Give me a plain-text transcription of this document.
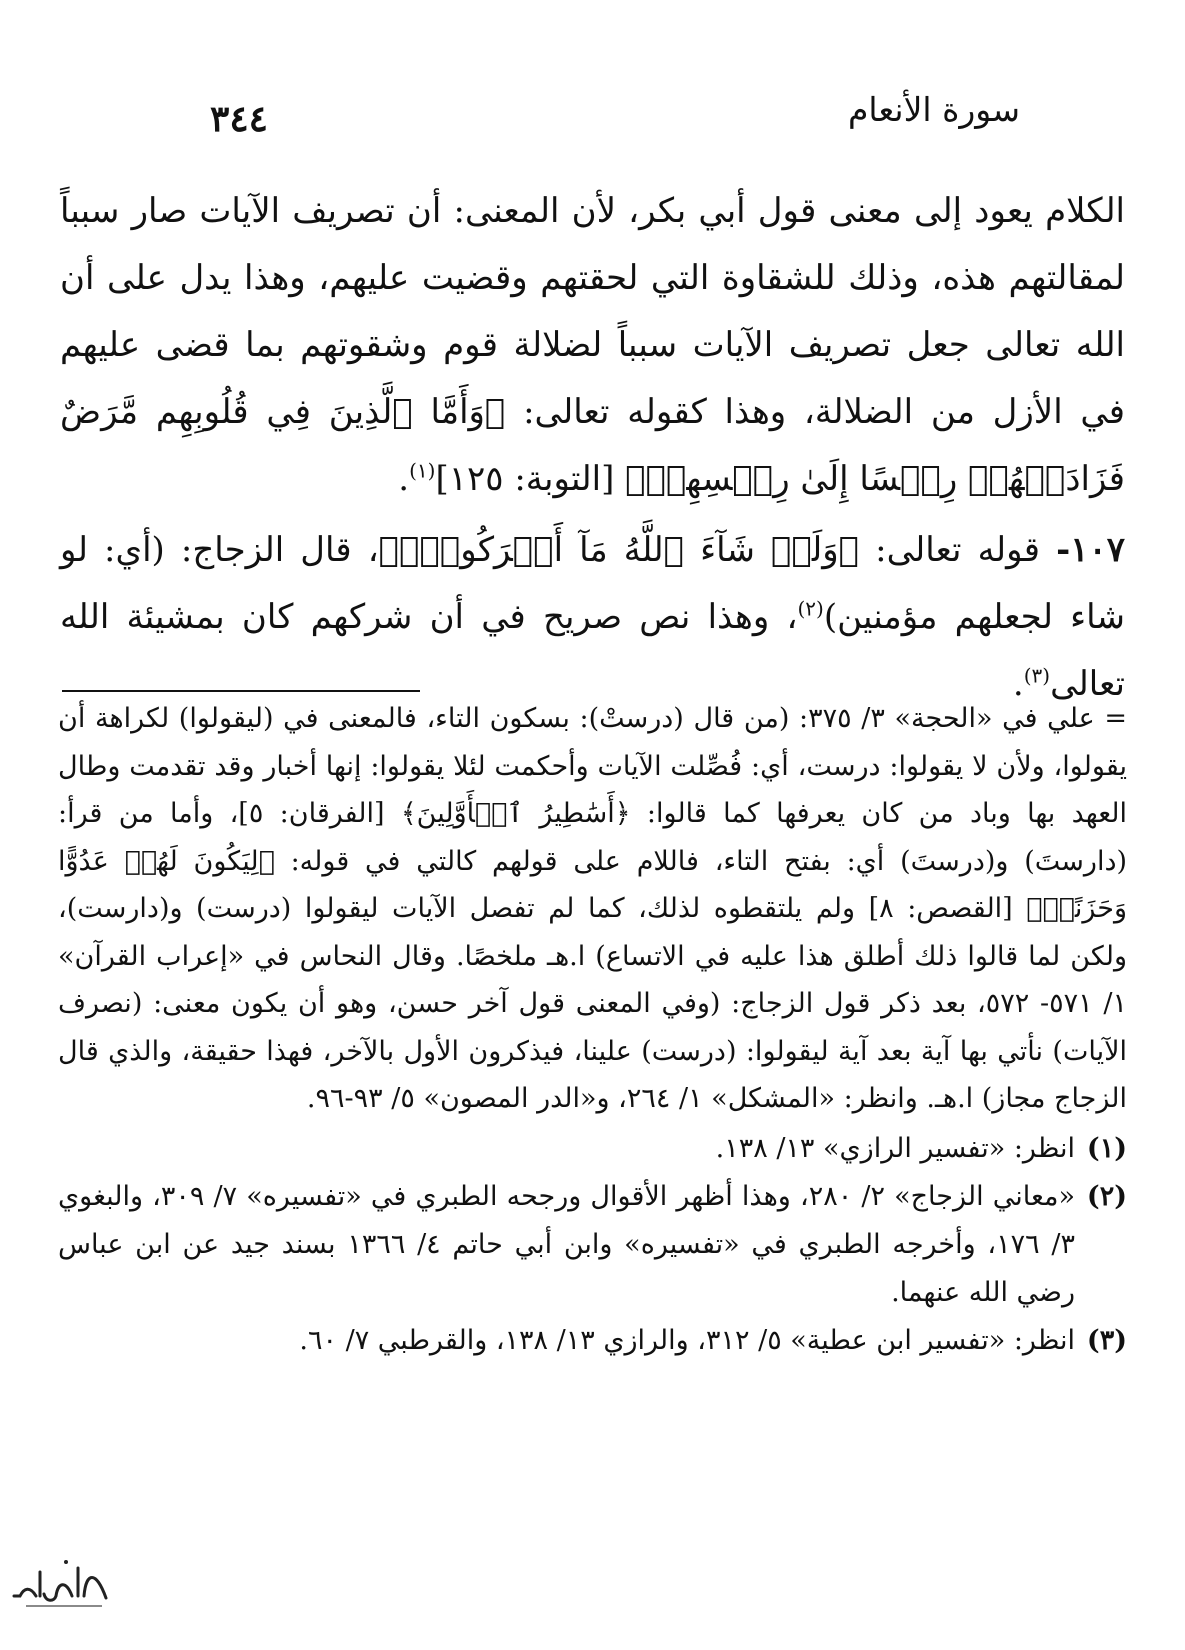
٣٤٤	سورة الأنعام

الكلام يعود إلى معنى قول أبي بكر، لأن المعنى: أن تصريف الآيات صار سبباً لمقالتهم هذه، وذلك للشقاوة التي لحقتهم وقضيت عليهم، وهذا يدل على أن الله تعالى جعل تصريف الآيات سبباً لضلالة قوم وشقوتهم بما قضى عليهم في الأزل من الضلالة، وهذا كقوله تعالى: ﴿وَأَمَّا ٱلَّذِينَ فِي قُلُوبِهِم مَّرَضٌ فَزَادَتۡهُمۡ رِجۡسًا إِلَىٰ رِجۡسِهِمۡ﴾ [التوبة: ١٢٥]$^{(١)}$.

١٠٧- قوله تعالى: ﴿وَلَوۡ شَآءَ ٱللَّهُ مَآ أَشۡرَكُواْۗ﴾، قال الزجاج: (أي: لو شاء لجعلهم مؤمنين)$^{(٢)}$، وهذا نص صريح في أن شركهم كان بمشيئة الله تعالى$^{(٣)}$.

= علي في «الحجة» ٣/ ٣٧٥: (من قال (درستْ): بسكون التاء، فالمعنى في (ليقولوا) لكراهة أن يقولوا، ولأن لا يقولوا: درست، أي: فُصِّلت الآيات وأحكمت لئلا يقولوا: إنها أخبار وقد تقدمت وطال العهد بها وباد من كان يعرفها كما قالوا: ﴿أَسَٰطِيرُ ٱلۡأَوَّلِينَ﴾ [الفرقان: ٥]، وأما من قرأ: (دارستَ) و(درستَ) أي: بفتح التاء، فاللام على قولهم كالتي في قوله: ﴿لِيَكُونَ لَهُمۡ عَدُوًّا وَحَزَنًاۗ﴾ [القصص: ٨] ولم يلتقطوه لذلك، كما لم تفصل الآيات ليقولوا (درست) و(دارست)، ولكن لما قالوا ذلك أطلق هذا عليه في الاتساع) ا.هـ ملخصًا. وقال النحاس في «إعراب القرآن» ١/ ٥٧١- ٥٧٢، بعد ذكر قول الزجاج: (وفي المعنى قول آخر حسن، وهو أن يكون معنى: (نصرف الآيات) نأتي بها آية بعد آية ليقولوا: (درست) علينا، فيذكرون الأول بالآخر، فهذا حقيقة، والذي قال الزجاج مجاز) ا.هـ. وانظر: «المشكل» ١/ ٢٦٤، و«الدر المصون» ٥/ ٩٣-٩٦.

(١)
انظر: «تفسير الرازي» ١٣/ ١٣٨.

(٢)
«معاني الزجاج» ٢/ ٢٨٠، وهذا أظهر الأقوال ورجحه الطبري في «تفسيره» ٧/ ٣٠٩، والبغوي ٣/ ١٧٦، وأخرجه الطبري في «تفسيره» وابن أبي حاتم ٤/ ١٣٦٦ بسند جيد عن ابن عباس رضي الله عنهما.

(٣)
انظر: «تفسير ابن عطية» ٥/ ٣١٢، والرازي ١٣/ ١٣٨، والقرطبي ٧/ ٦٠.
